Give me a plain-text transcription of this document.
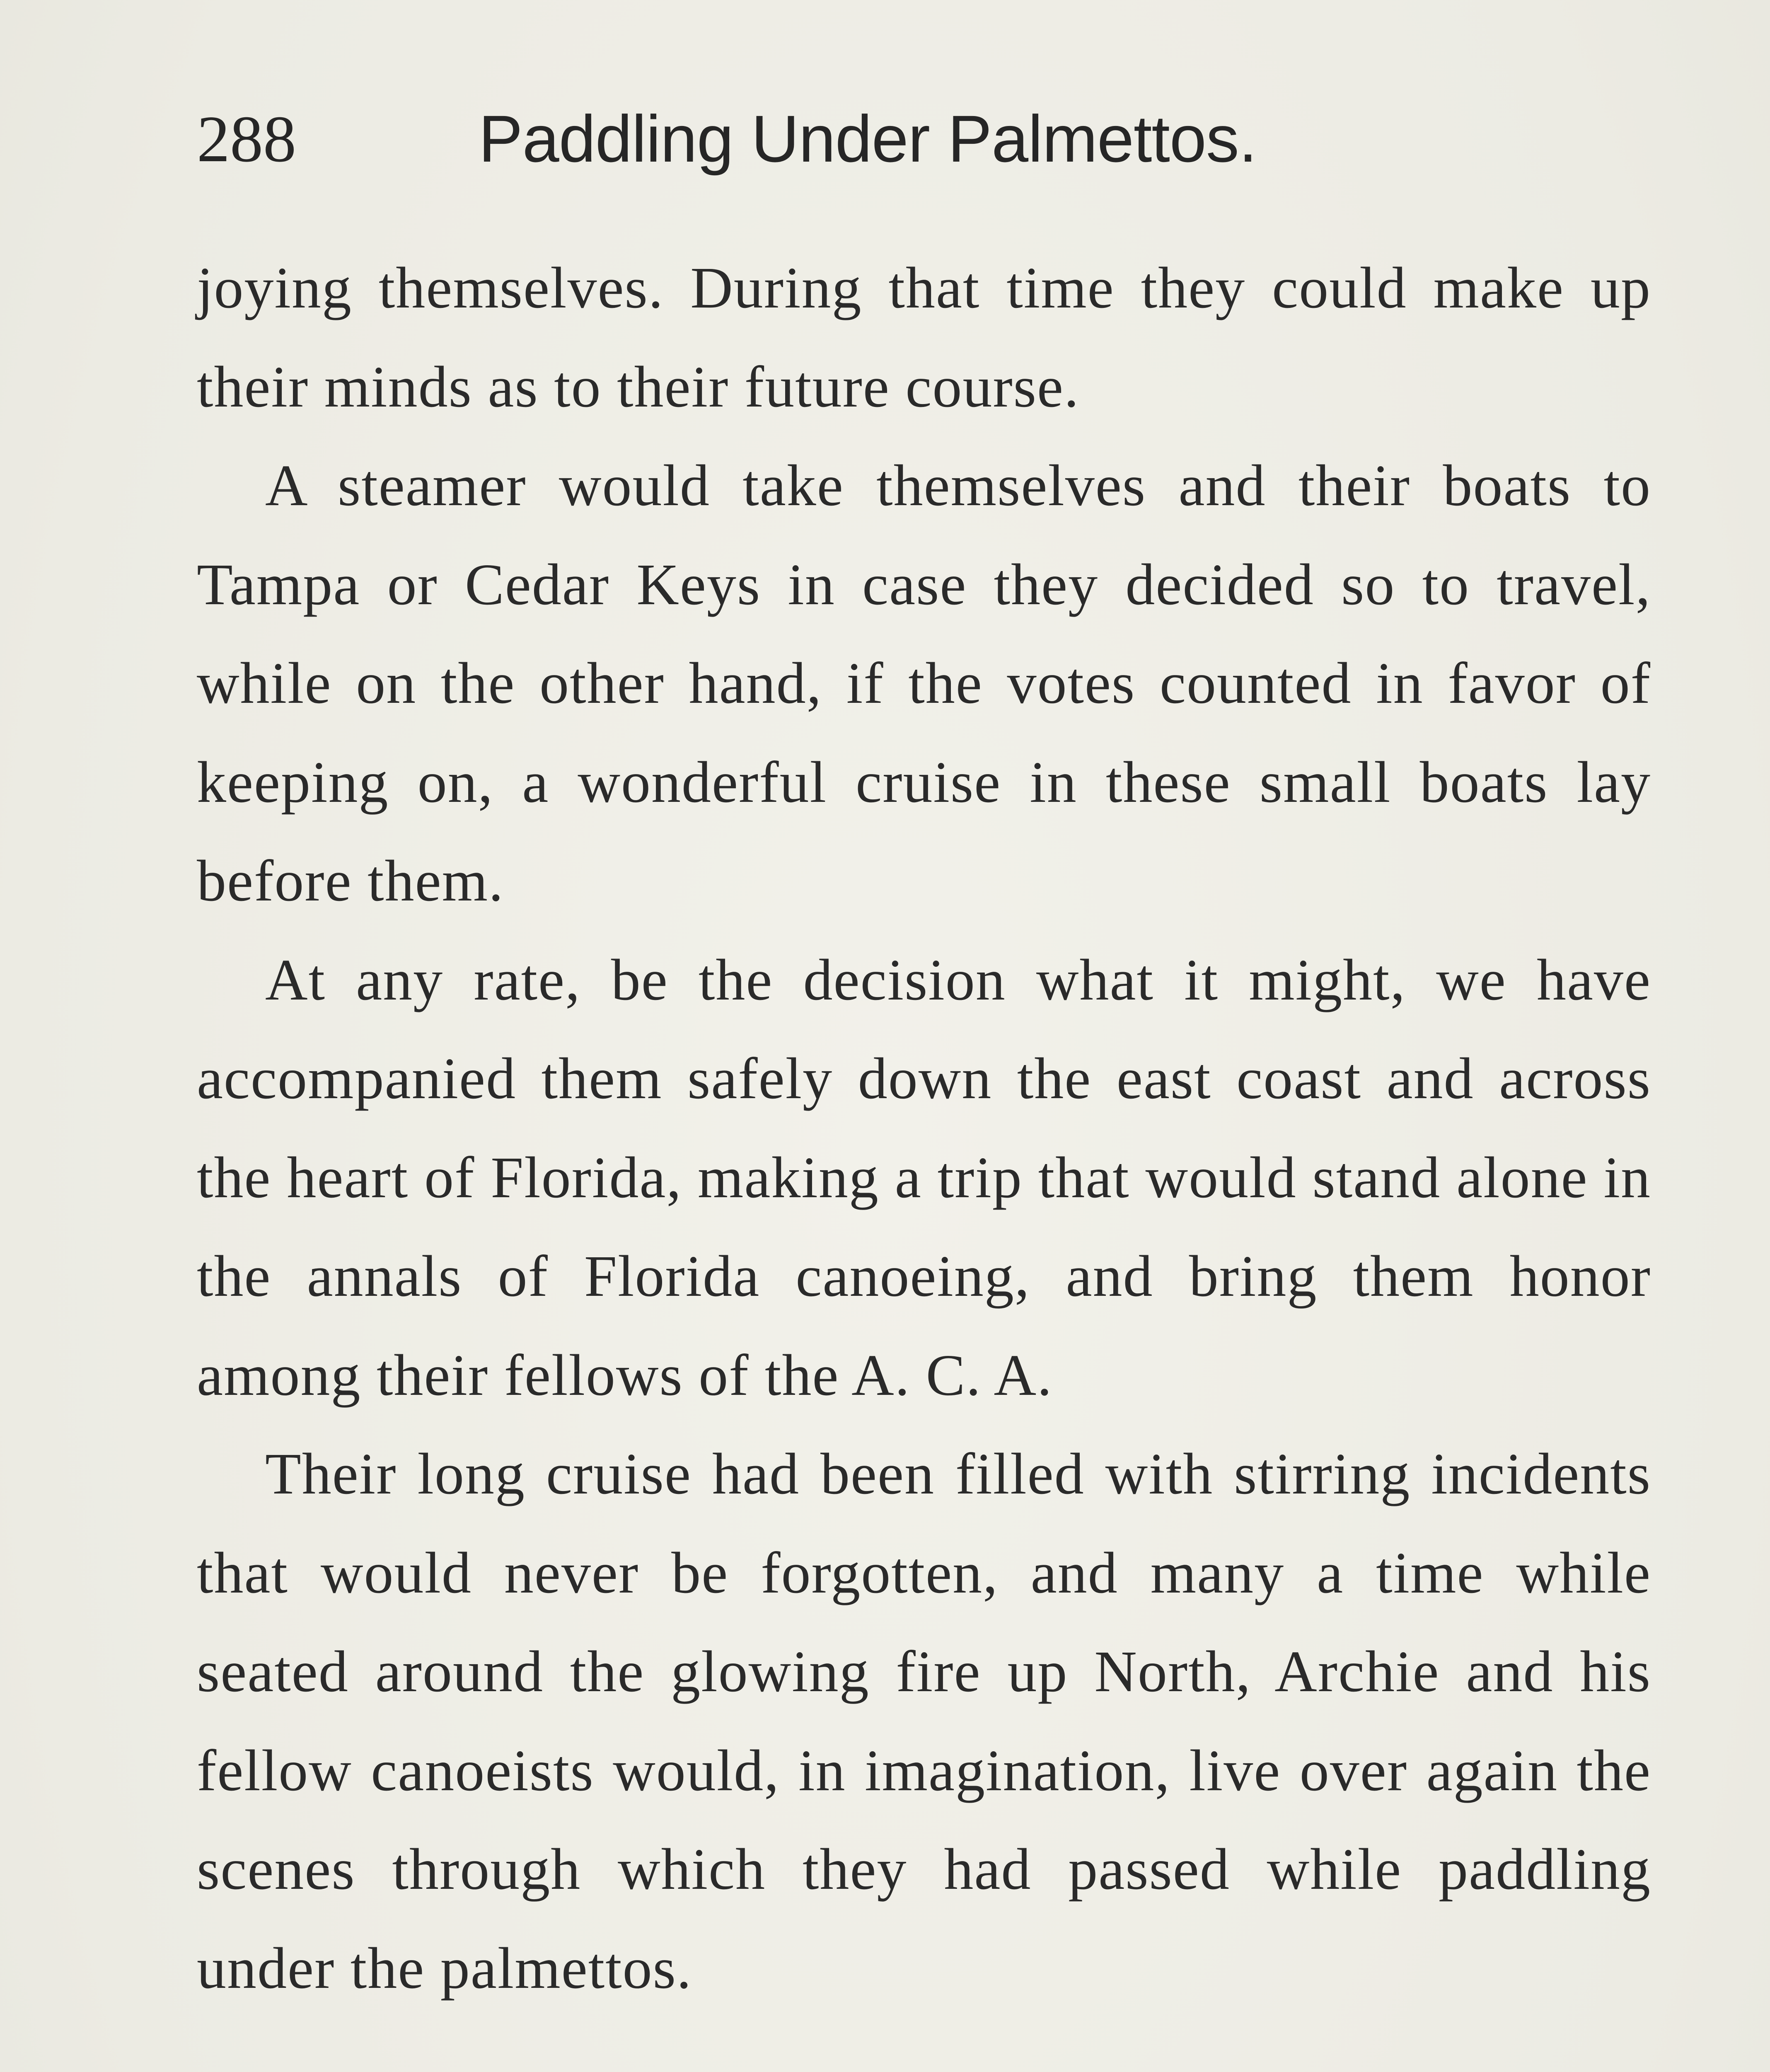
288	Paddling Under Palmettos.

joying themselves. During that time they could make up their minds as to their future course.

A steamer would take themselves and their boats to Tampa or Cedar Keys in case they decided so to travel, while on the other hand, if the votes counted in favor of keeping on, a wonderful cruise in these small boats lay before them.

At any rate, be the decision what it might, we have accompanied them safely down the east coast and across the heart of Florida, making a trip that would stand alone in the annals of Florida canoeing, and bring them honor among their fellows of the A. C. A.

Their long cruise had been filled with stirring incidents that would never be forgotten, and many a time while seated around the glowing fire up North, Archie and his fellow canoeists would, in imagination, live over again the scenes through which they had passed while paddling under the palmettos.
